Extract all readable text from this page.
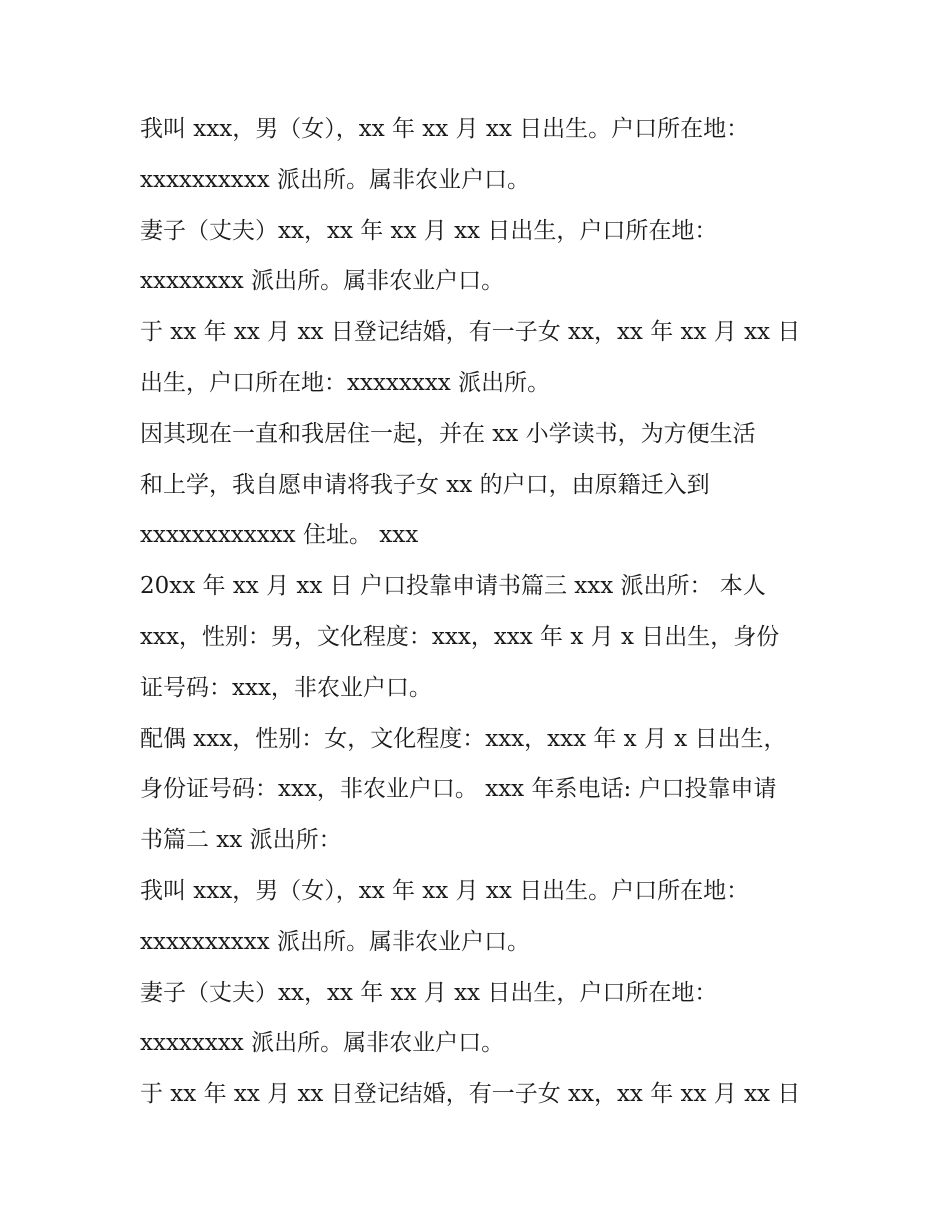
我叫 xxx，男（女），xx 年 xx 月 xx 日出生。户口所在地：
xxxxxxxxxx 派出所。属非农业户口。
妻子（丈夫）xx，xx 年 xx 月 xx 日出生，户口所在地：
xxxxxxxx 派出所。属非农业户口。
于 xx 年 xx 月 xx 日登记结婚，有一子女 xx，xx 年 xx 月 xx 日
出生，户口所在地：xxxxxxxx 派出所。
因其现在一直和我居住一起，并在 xx 小学读书，为方便生活
和上学，我自愿申请将我子女 xx 的户口，由原籍迁入到
xxxxxxxxxxxx 住址。 xxx
20xx 年 xx 月 xx 日 户口投靠申请书篇三 xxx 派出所： 本人
xxx，性别：男，文化程度：xxx，xxx 年 x 月 x 日出生，身份
证号码：xxx，非农业户口。
配偶 xxx，性别：女，文化程度：xxx，xxx 年 x 月 x 日出生，
身份证号码：xxx，非农业户口。 xxx 年系电话: 户口投靠申请
书篇二 xx 派出所：
我叫 xxx，男（女），xx 年 xx 月 xx 日出生。户口所在地：
xxxxxxxxxx 派出所。属非农业户口。
妻子（丈夫）xx，xx 年 xx 月 xx 日出生，户口所在地：
xxxxxxxx 派出所。属非农业户口。
于 xx 年 xx 月 xx 日登记结婚，有一子女 xx，xx 年 xx 月 xx 日
